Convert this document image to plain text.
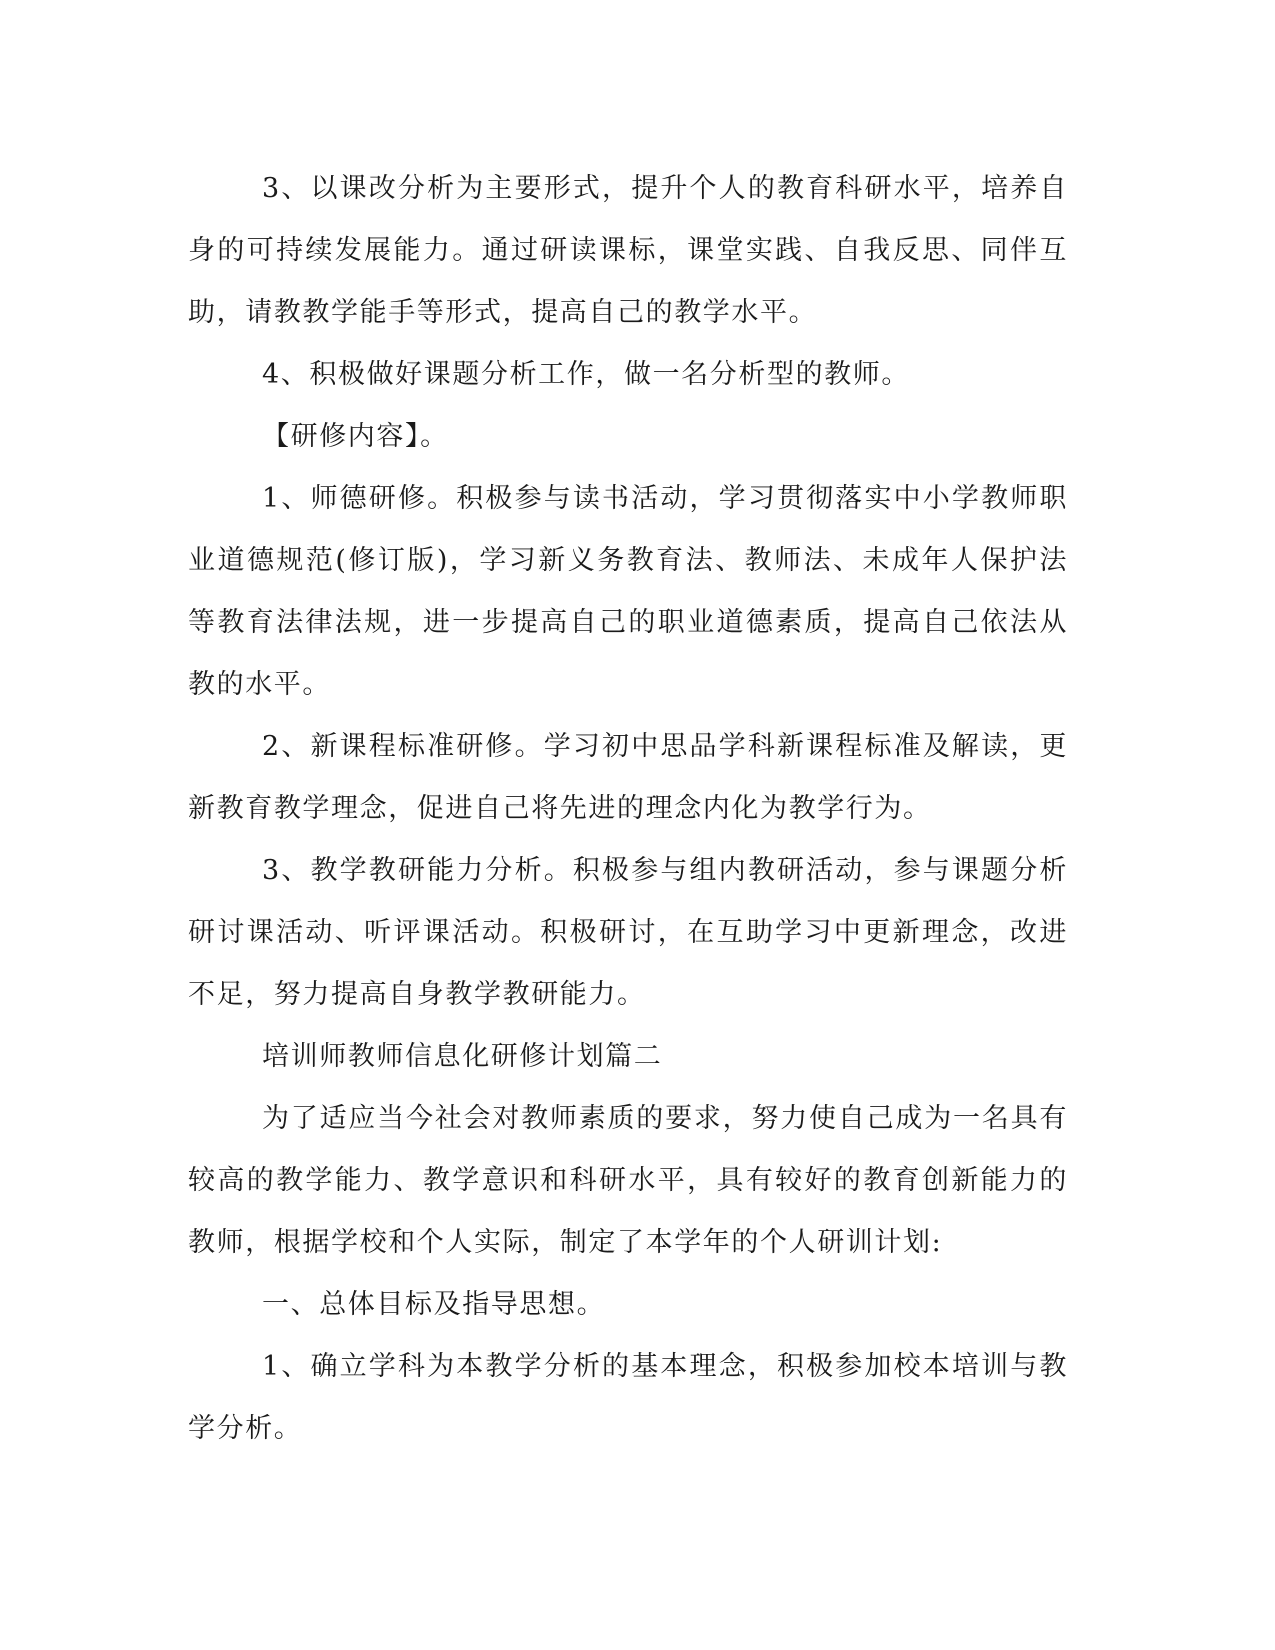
3、以课改分析为主要形式，提升个人的教育科研水平，培养自身的可持续发展能力。通过研读课标，课堂实践、自我反思、同伴互助，请教教学能手等形式，提高自己的教学水平。

4、积极做好课题分析工作，做一名分析型的教师。

【研修内容】。

1、师德研修。积极参与读书活动，学习贯彻落实中小学教师职业道德规范(修订版)，学习新义务教育法、教师法、未成年人保护法等教育法律法规，进一步提高自己的职业道德素质，提高自己依法从教的水平。

2、新课程标准研修。学习初中思品学科新课程标准及解读，更新教育教学理念，促进自己将先进的理念内化为教学行为。

3、教学教研能力分析。积极参与组内教研活动，参与课题分析研讨课活动、听评课活动。积极研讨，在互助学习中更新理念，改进不足，努力提高自身教学教研能力。

培训师教师信息化研修计划篇二

为了适应当今社会对教师素质的要求，努力使自己成为一名具有较高的教学能力、教学意识和科研水平，具有较好的教育创新能力的教师，根据学校和个人实际，制定了本学年的个人研训计划:

一、总体目标及指导思想。

1、确立学科为本教学分析的基本理念，积极参加校本培训与教学分析。
